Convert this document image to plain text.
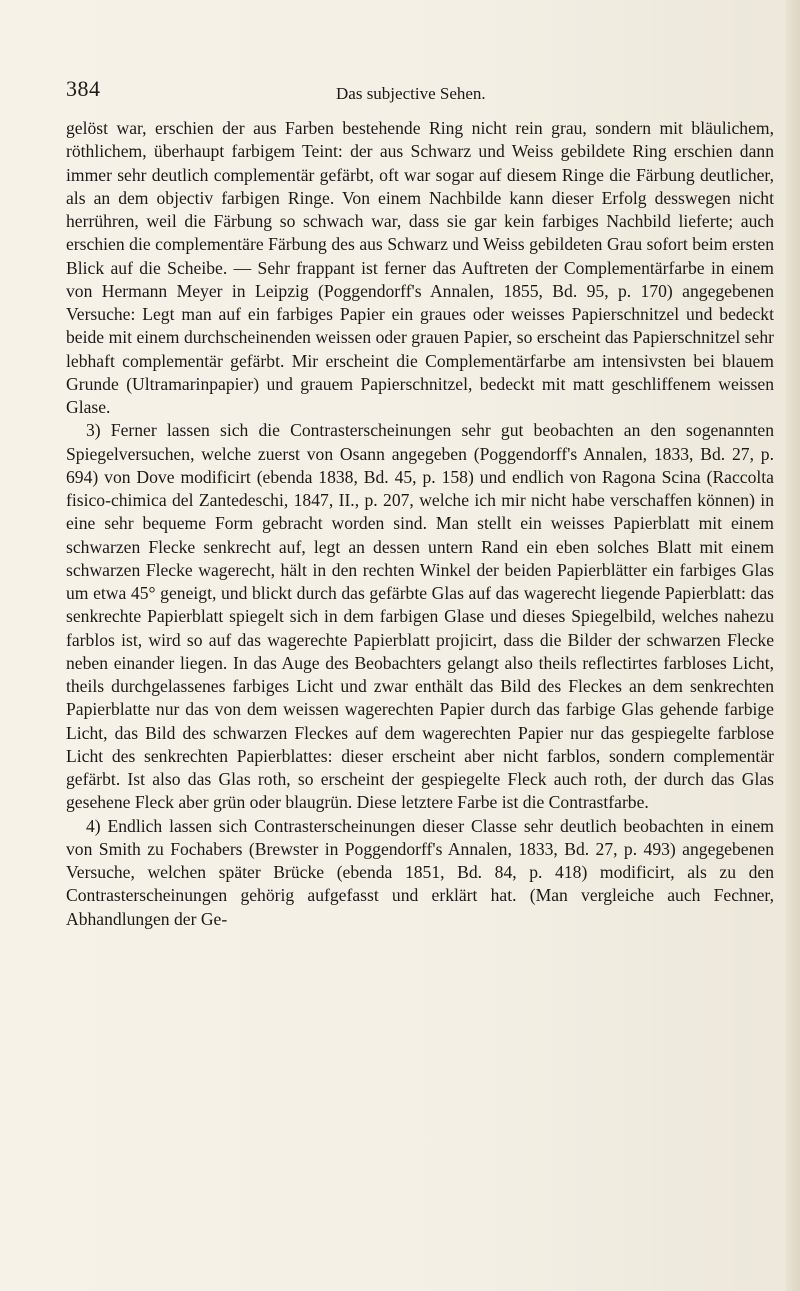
384	Das subjective Sehen.

gelöst war, erschien der aus Farben bestehende Ring nicht rein grau, sondern mit bläulichem, röthlichem, überhaupt farbigem Teint: der aus Schwarz und Weiss gebildete Ring erschien dann immer sehr deutlich complementär gefärbt, oft war sogar auf diesem Ringe die Färbung deutlicher, als an dem objectiv farbigen Ringe. Von einem Nachbilde kann dieser Erfolg desswegen nicht herrühren, weil die Färbung so schwach war, dass sie gar kein farbiges Nachbild lieferte; auch erschien die complementäre Färbung des aus Schwarz und Weiss gebildeten Grau sofort beim ersten Blick auf die Scheibe. — Sehr frappant ist ferner das Auftreten der Complementärfarbe in einem von Hermann Meyer in Leipzig (Poggendorff's Annalen, 1855, Bd. 95, p. 170) angegebenen Versuche: Legt man auf ein farbiges Papier ein graues oder weisses Papierschnitzel und bedeckt beide mit einem durchscheinenden weissen oder grauen Papier, so erscheint das Papierschnitzel sehr lebhaft complementär gefärbt. Mir erscheint die Complementärfarbe am intensivsten bei blauem Grunde (Ultramarinpapier) und grauem Papierschnitzel, bedeckt mit matt geschliffenem weissen Glase.

3) Ferner lassen sich die Contrasterscheinungen sehr gut beobachten an den sogenannten Spiegelversuchen, welche zuerst von Osann angegeben (Poggendorff's Annalen, 1833, Bd. 27, p. 694) von Dove modificirt (ebenda 1838, Bd. 45, p. 158) und endlich von Ragona Scina (Raccolta fisico-chimica del Zantedeschi, 1847, II., p. 207, welche ich mir nicht habe verschaffen können) in eine sehr bequeme Form gebracht worden sind. Man stellt ein weisses Papierblatt mit einem schwarzen Flecke senkrecht auf, legt an dessen untern Rand ein eben solches Blatt mit einem schwarzen Flecke wagerecht, hält in den rechten Winkel der beiden Papierblätter ein farbiges Glas um etwa 45° geneigt, und blickt durch das gefärbte Glas auf das wagerecht liegende Papierblatt: das senkrechte Papierblatt spiegelt sich in dem farbigen Glase und dieses Spiegelbild, welches nahezu farblos ist, wird so auf das wagerechte Papierblatt projicirt, dass die Bilder der schwarzen Flecke neben einander liegen. In das Auge des Beobachters gelangt also theils reflectirtes farbloses Licht, theils durchgelassenes farbiges Licht und zwar enthält das Bild des Fleckes an dem senkrechten Papierblatte nur das von dem weissen wagerechten Papier durch das farbige Glas gehende farbige Licht, das Bild des schwarzen Fleckes auf dem wagerechten Papier nur das gespiegelte farblose Licht des senkrechten Papierblattes: dieser erscheint aber nicht farblos, sondern complementär gefärbt. Ist also das Glas roth, so erscheint der gespiegelte Fleck auch roth, der durch das Glas gesehene Fleck aber grün oder blaugrün. Diese letztere Farbe ist die Contrastfarbe.

4) Endlich lassen sich Contrasterscheinungen dieser Classe sehr deutlich beobachten in einem von Smith zu Fochabers (Brewster in Poggendorff's Annalen, 1833, Bd. 27, p. 493) angegebenen Versuche, welchen später Brücke (ebenda 1851, Bd. 84, p. 418) modificirt, als zu den Contrasterscheinungen gehörig aufgefasst und erklärt hat. (Man vergleiche auch Fechner, Abhandlungen der Ge-
